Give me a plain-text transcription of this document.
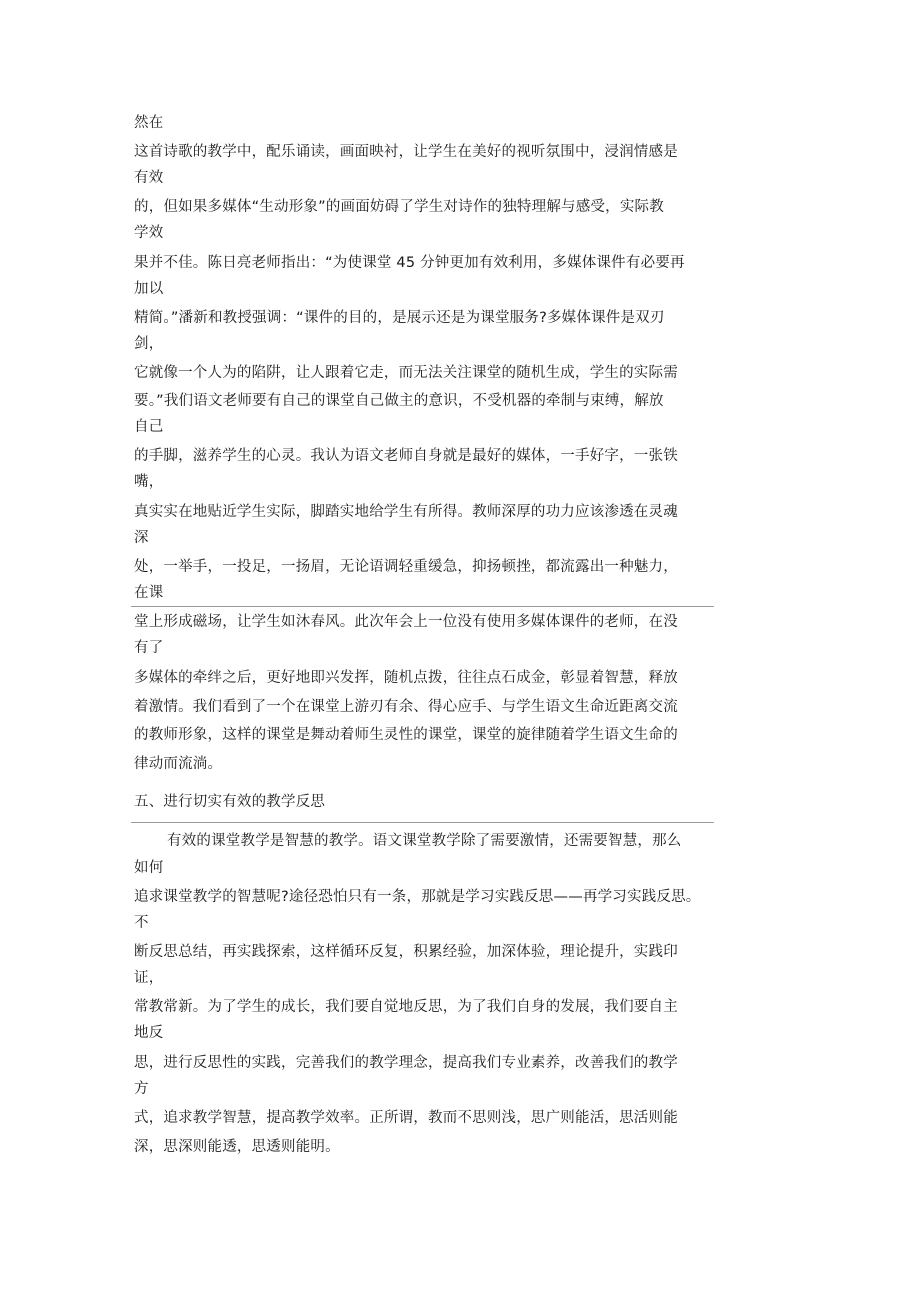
然在
这首诗歌的教学中，配乐诵读，画面映衬，让学生在美好的视听氛围中，浸润情感是
有效
的，但如果多媒体“生动形象”的画面妨碍了学生对诗作的独特理解与感受，实际教
学效
果并不佳。陈日亮老师指出：“为使课堂 45 分钟更加有效利用，多媒体课件有必要再
加以
精简。”潘新和教授强调：“课件的目的，是展示还是为课堂服务?多媒体课件是双刃
剑，
它就像一个人为的陷阱，让人跟着它走，而无法关注课堂的随机生成，学生的实际需
要。”我们语文老师要有自己的课堂自己做主的意识，不受机器的牵制与束缚，解放
自己
的手脚，滋养学生的心灵。我认为语文老师自身就是最好的媒体，一手好字，一张铁
嘴，
真实实在地贴近学生实际，脚踏实地给学生有所得。教师深厚的功力应该渗透在灵魂
深
处，一举手，一投足，一扬眉，无论语调轻重缓急，抑扬顿挫，都流露出一种魅力，
在课
堂上形成磁场，让学生如沐春风。此次年会上一位没有使用多媒体课件的老师，在没
有了
多媒体的牵绊之后，更好地即兴发挥，随机点拨，往往点石成金，彰显着智慧，释放
着激情。我们看到了一个在课堂上游刃有余、得心应手、与学生语文生命近距离交流
的教师形象，这样的课堂是舞动着师生灵性的课堂，课堂的旋律随着学生语文生命的
律动而流淌。
五、进行切实有效的教学反思
有效的课堂教学是智慧的教学。语文课堂教学除了需要激情，还需要智慧，那么
如何
追求课堂教学的智慧呢?途径恐怕只有一条，那就是学习实践反思——再学习实践反思。
不
断反思总结，再实践探索，这样循环反复，积累经验，加深体验，理论提升，实践印
证，
常教常新。为了学生的成长，我们要自觉地反思，为了我们自身的发展，我们要自主
地反
思，进行反思性的实践，完善我们的教学理念，提高我们专业素养，改善我们的教学
方
式，追求教学智慧，提高教学效率。正所谓，教而不思则浅，思广则能活，思活则能
深，思深则能透，思透则能明。
